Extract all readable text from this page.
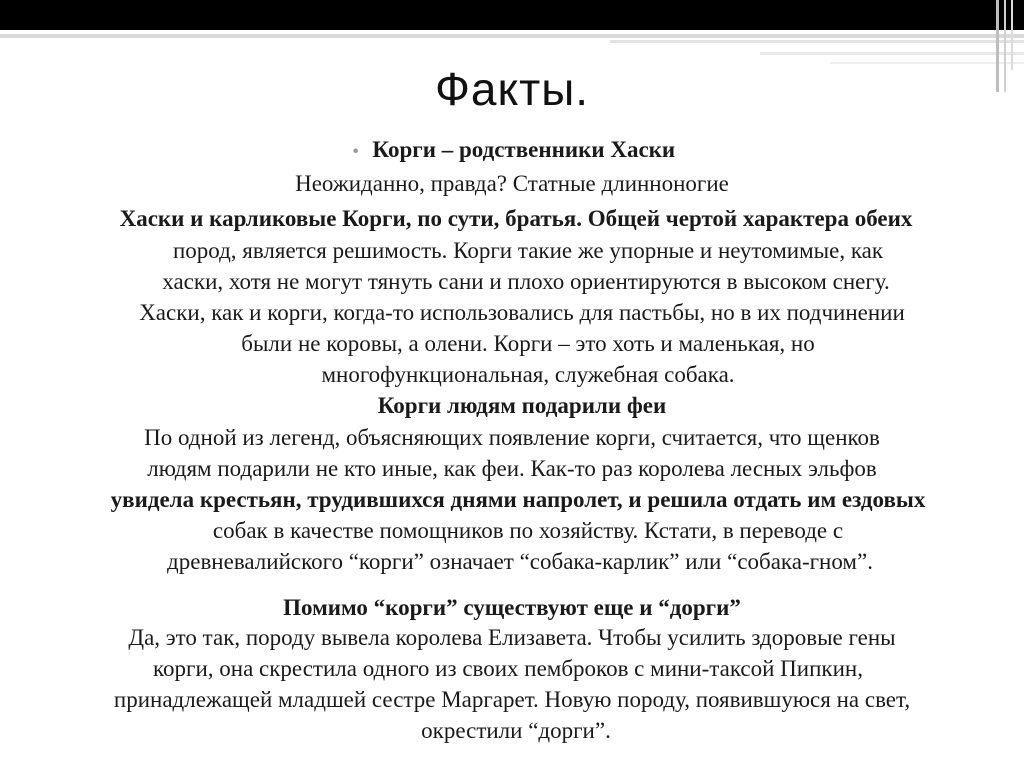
Факты.
• Корги – родственники Хаски
Неожиданно, правда? Статные длинноногие
Хаски и карликовые Корги, по сути, братья. Общей чертой характера обеих
пород, является решимость. Корги такие же упорные и неутомимые, как
хаски, хотя не могут тянуть сани и плохо ориентируются в высоком снегу.
Хаски, как и корги, когда-то использовались для пастьбы, но в их подчинении
были не коровы, а олени. Корги – это хоть и маленькая, но
многофункциональная, служебная собака.
Корги людям подарили феи
По одной из легенд, объясняющих появление корги, считается, что щенков
людям подарили не кто иные, как феи. Как-то раз королева лесных эльфов
увидела крестьян, трудившихся днями напролет, и решила отдать им ездовых
собак в качестве помощников по хозяйству. Кстати, в переводе с
древневалийского “корги” означает “собака-карлик” или “собака-гном”.
Помимо “корги” существуют еще и “дорги”
Да, это так, породу вывела королева Елизавета. Чтобы усилить здоровые гены
корги, она скрестила одного из своих пемброков с мини-таксой Пипкин,
принадлежащей младшей сестре Маргарет. Новую породу, появившуюся на свет,
окрестили “дорги”.
